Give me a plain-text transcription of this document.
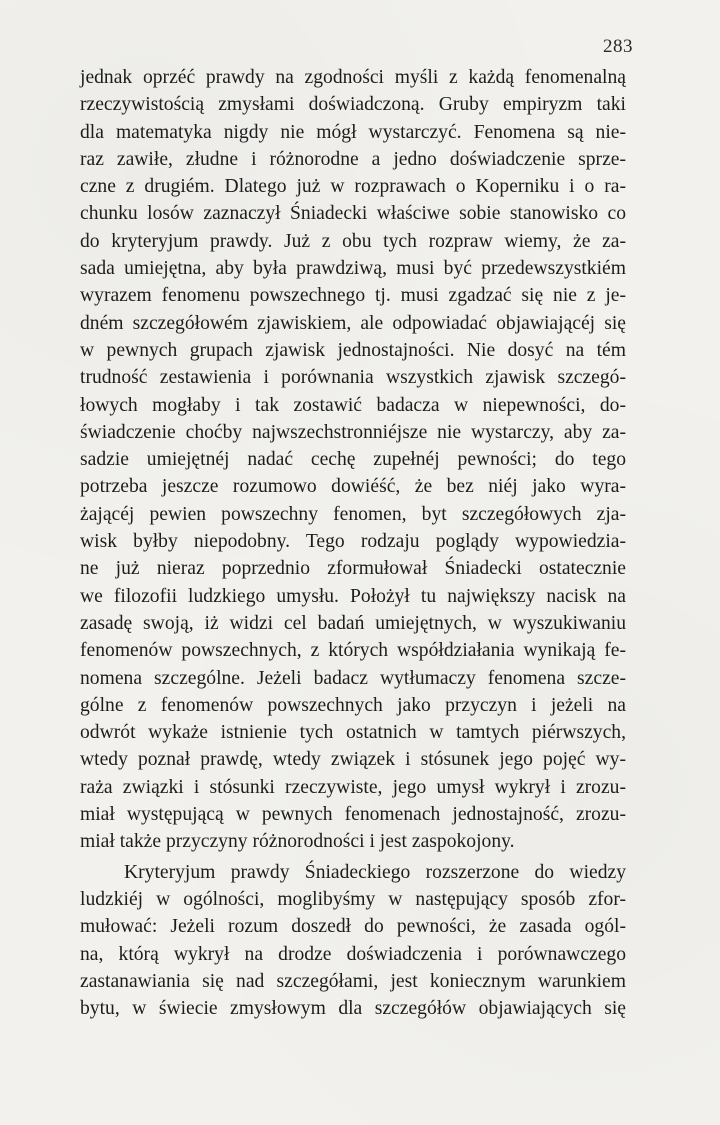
283
jednak oprzéć prawdy na zgodności myśli z każdą fenomenalną
rzeczywistością zmysłami doświadczoną. Gruby empiryzm taki
dla matematyka nigdy nie mógł wystarczyć. Fenomena są nie-
raz zawiłe, złudne i różnorodne a jedno doświadczenie sprze-
czne z drugiém. Dlatego już w rozprawach o Koperniku i o ra-
chunku losów zaznaczył Śniadecki właściwe sobie stanowisko co
do kryteryjum prawdy. Już z obu tych rozpraw wiemy, że za-
sada umiejętna, aby była prawdziwą, musi być przedewszystkiém
wyrazem fenomenu powszechnego tj. musi zgadzać się nie z je-
dném szczegółowém zjawiskiem, ale odpowiadać objawiającéj się
w pewnych grupach zjawisk jednostajności. Nie dosyć na tém
trudność zestawienia i porównania wszystkich zjawisk szczegó-
łowych mogłaby i tak zostawić badacza w niepewności, do-
świadczenie choćby najwszechstronniéjsze nie wystarczy, aby za-
sadzie umiejętnéj nadać cechę zupełnéj pewności; do tego
potrzeba jeszcze rozumowo dowiéść, że bez niéj jako wyra-
żającéj pewien powszechny fenomen, byt szczegółowych zja-
wisk byłby niepodobny. Tego rodzaju poglądy wypowiedzia-
ne już nieraz poprzednio zformułował Śniadecki ostatecznie
we filozofii ludzkiego umysłu. Położył tu największy nacisk na
zasadę swoją, iż widzi cel badań umiejętnych, w wyszukiwaniu
fenomenów powszechnych, z których współdziałania wynikają fe-
nomena szczególne. Jeżeli badacz wytłumaczy fenomena szcze-
gólne z fenomenów powszechnych jako przyczyn i jeżeli na
odwrót wykaże istnienie tych ostatnich w tamtych piérwszych,
wtedy poznał prawdę, wtedy związek i stósunek jego pojęć wy-
raża związki i stósunki rzeczywiste, jego umysł wykrył i zrozu-
miał występującą w pewnych fenomenach jednostajność, zrozu-
miał także przyczyny różnorodności i jest zaspokojony.
Kryteryjum prawdy Śniadeckiego rozszerzone do wiedzy
ludzkiéj w ogólności, moglibyśmy w następujący sposób zfor-
mułować: Jeżeli rozum doszedł do pewności, że zasada ogól-
na, którą wykrył na drodze doświadczenia i porównawczego
zastanawiania się nad szczegółami, jest koniecznym warunkiem
bytu, w świecie zmysłowym dla szczegółów objawiających się
